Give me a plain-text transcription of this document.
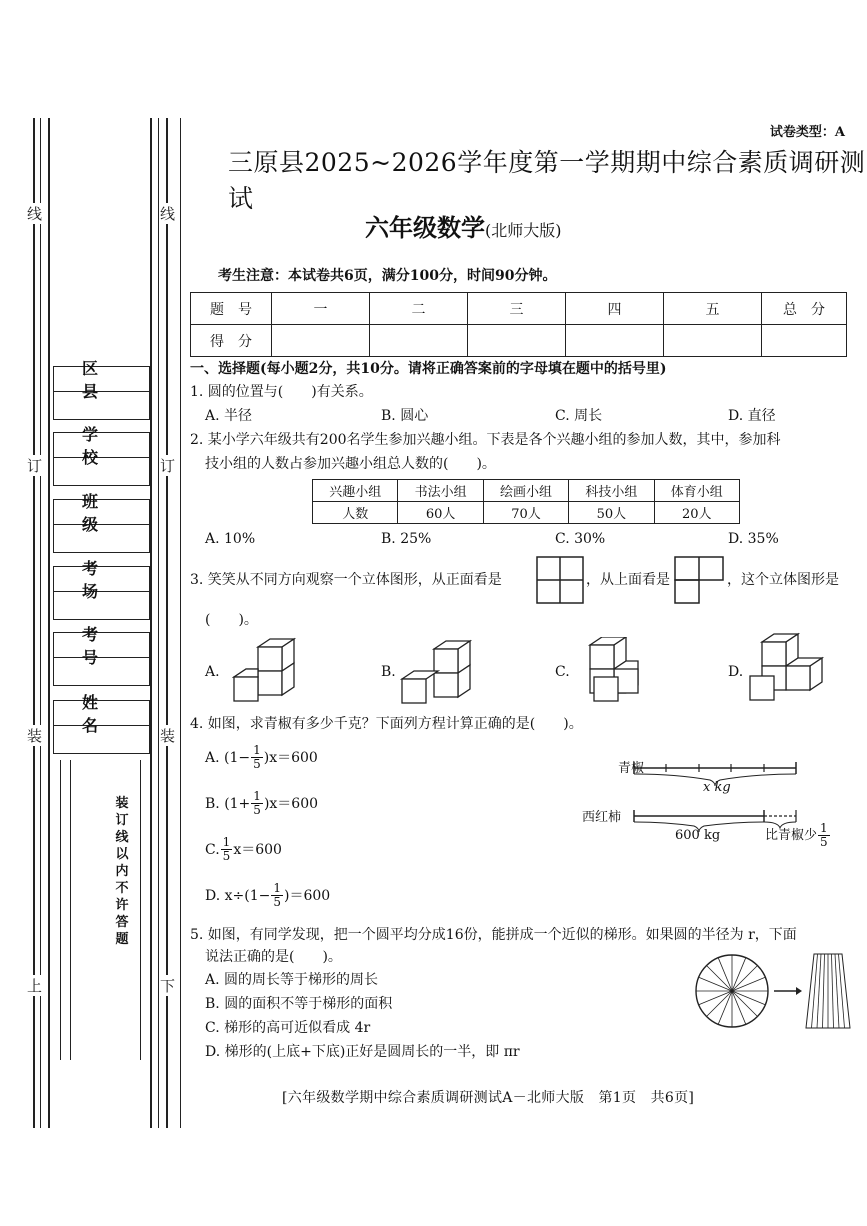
线
订
装
上
线
订
装
下
区县
学校
班级
考场
考号
姓名
装订线以内不许答题
试卷类型：A
三原县2025~2026学年度第一学期期中综合素质调研测试
六年级数学(北师大版)
考生注意：本试卷共6页，满分100分，时间90分钟。
题　号	一	二	三	四	五	总　分
得　分						
一、选择题(每小题2分，共10分。请将正确答案前的字母填在题中的括号里)
1. 圆的位置与(　　)有关系。
A. 半径	B. 圆心	C. 周长	D. 直径
2. 某小学六年级共有200名学生参加兴趣小组。下表是各个兴趣小组的参加人数，其中，参加科
技小组的人数占参加兴趣小组总人数的(　　)。
兴趣小组	书法小组	绘画小组	科技小组	体育小组
人数	60人	70人	50人	20人
A. 10%	B. 25%	C. 30%	D. 35%
3. 笑笑从不同方向观察一个立体图形，从正面看是	，从上面看是	，这个立体图形是
(　　)。
A.	B.	C.	D.
4. 如图，求青椒有多少千克？下面列方程计算正确的是(　　)。
A. $(1- \frac{1}{5} )x=600$
B. $(1+ \frac{1}{5} )x=600$
C. $\frac{1}{5} x=600$
D. $x\div(1- \frac{1}{5} )=600$
青椒
x kg
西红柿
600 kg	比青椒少 $\frac{1}{5}$
5. 如图，有同学发现，把一个圆平均分成16份，能拼成一个近似的梯形。如果圆的半径为 r，下面
说法正确的是(　　)。
A. 圆的周长等于梯形的周长
B. 圆的面积不等于梯形的面积
C. 梯形的高可近似看成 4r
D. 梯形的(上底+下底)正好是圆周长的一半，即 πr
[六年级数学期中综合素质调研测试A－北师大版　第1页　共6页]
